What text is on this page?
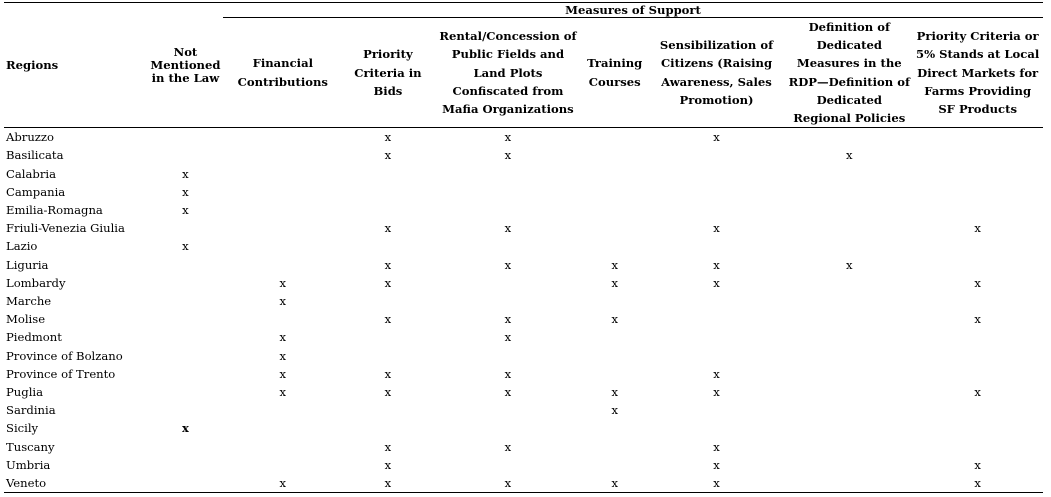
Regions	Not Mentioned in the Law	Measures of Support						
		Financial Contributions	Priority Criteria in Bids	Rental/Concession of Public Fields and Land Plots Confiscated from Mafia Organizations	Training Courses	Sensibilization of Citizens (Raising Awareness, Sales Promotion)	Definition of Dedicated Measures in the RDP—Definition of Dedicated Regional Policies	Priority Criteria or 5% Stands at Local Direct Markets for Farms Providing SF Products
Abruzzo			x	x		x		
Basilicata			x	x			x	
Calabria	x							
Campania	x							
Emilia-Romagna	x							
Friuli-Venezia Giulia			x	x		x		x
Lazio	x							
Liguria			x	x	x	x	x	
Lombardy		x	x		x	x		x
Marche		x						
Molise			x	x	x			x
Piedmont		x		x				
Province of Bolzano		x						
Province of Trento		x	x	x		x		
Puglia		x	x	x	x	x		x
Sardinia					x			
Sicily	x							
Tuscany			x	x		x		
Umbria			x			x		x
Veneto		x	x	x	x	x		x
